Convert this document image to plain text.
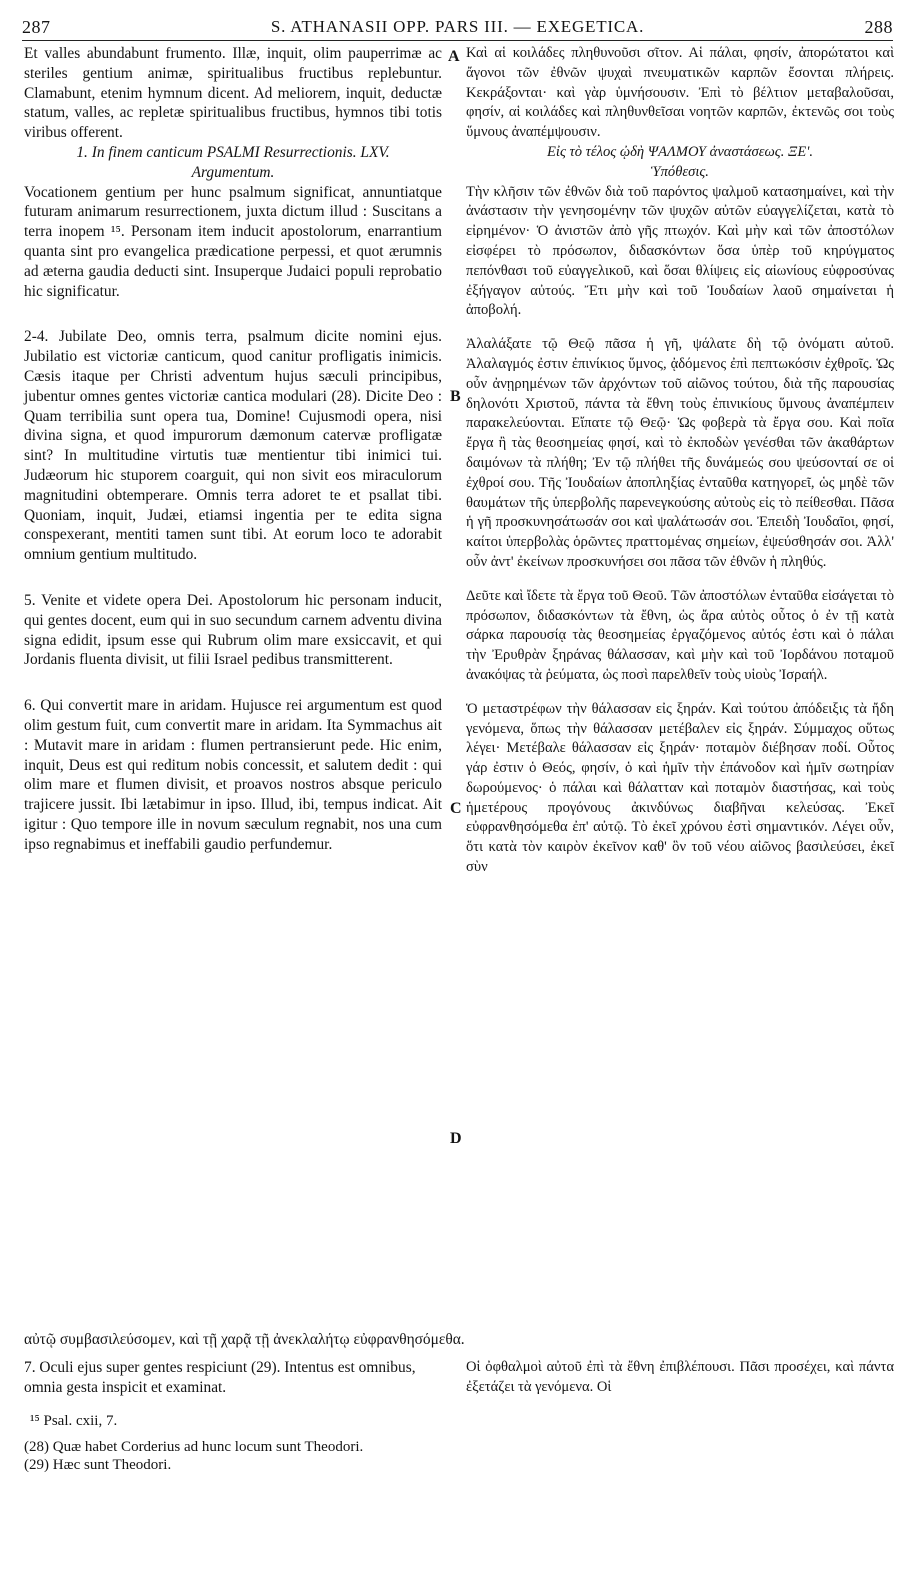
287	S. ATHANASII OPP. PARS III. — EXEGETICA.	288

Et valles abundabunt frumento. Illæ, inquit, olim pauperrimæ ac steriles gentium animæ, spiritualibus fructibus replebuntur. Clamabunt, etenim hymnum dicent. Ad meliorem, inquit, deductæ statum, valles, ac repletæ spiritualibus fructibus, hymnos tibi totis viribus offerent.

1. In finem canticum PSALMI Resurrectionis. LXV.

Argumentum.

Vocationem gentium per hunc psalmum significat, annuntiatque futuram animarum resurrectionem, juxta dictum illud : Suscitans a terra inopem ¹⁵. Personam item inducit apostolorum, enarrantium quanta sint pro evangelica prædicatione perpessi, et quot ærumnis ad æterna gaudia deducti sint. Insuperque Judaici populi reprobatio hic significatur.

2-4. Jubilate Deo, omnis terra, psalmum dicite nomini ejus. Jubilatio est victoriæ canticum, quod canitur profligatis inimicis. Cæsis itaque per Christi adventum hujus sæculi principibus, jubentur omnes gentes victoriæ cantica modulari (28). Dicite Deo : Quam terribilia sunt opera tua, Domine! Cujusmodi opera, nisi divina signa, et quod impurorum dæmonum catervæ profligatæ sint? In multitudine virtutis tuæ mentientur tibi inimici tui. Judæorum hic stuporem coarguit, qui non sivit eos miraculorum magnitudini obtemperare. Omnis terra adoret te et psallat tibi. Quoniam, inquit, Judæi, etiamsi ingentia per te edita signa conspexerant, mentiti tamen sunt tibi. At eorum loco te adorabit omnium gentium multitudo.

5. Venite et videte opera Dei. Apostolorum hic personam inducit, qui gentes docent, eum qui in suo secundum carnem adventu divina signa edidit, ipsum esse qui Rubrum olim mare exsiccavit, et qui Jordanis fluenta divisit, ut filii Israel pedibus transmitterent.

6. Qui convertit mare in aridam. Hujusce rei argumentum est quod olim gestum fuit, cum convertit mare in aridam. Ita Symmachus ait : Mutavit mare in aridam : flumen pertransierunt pede. Hic enim, inquit, Deus est qui reditum nobis concessit, et salutem dedit : qui olim mare et flumen divisit, et proavos nostros absque periculo trajicere jussit. Ibi lætabimur in ipso. Illud, ibi, tempus indicat. Ait igitur : Quo tempore ille in novum sæculum regnabit, nos una cum ipso regnabimus et ineffabili gaudio perfundemur.

Καὶ αἱ κοιλάδες πληθυνοῦσι σῖτον. Αἱ πάλαι, φησίν, ἀπορώτατοι καὶ ἄγονοι τῶν ἐθνῶν ψυχαὶ πνευματικῶν καρπῶν ἔσονται πλήρεις. Κεκράξονται· καὶ γὰρ ὑμνήσουσιν. Ἐπὶ τὸ βέλτιον μεταβαλοῦσαι, φησίν, αἱ κοιλάδες καὶ πληθυνθεῖσαι νοητῶν καρπῶν, ἐκτενῶς σοι τοὺς ὕμνους ἀναπέμψουσιν.

Εἰς τὸ τέλος ᾠδὴ ΨΑΛΜΟΥ ἀναστάσεως. ΞΕ'.

Ὑπόθεσις.

Τὴν κλῆσιν τῶν ἐθνῶν διὰ τοῦ παρόντος ψαλμοῦ κατασημαίνει, καὶ τὴν ἀνάστασιν τὴν γενησομένην τῶν ψυχῶν αὐτῶν εὐαγγελίζεται, κατὰ τὸ εἰρημένον· Ὁ ἀνιστῶν ἀπὸ γῆς πτωχόν. Καὶ μὴν καὶ τῶν ἀποστόλων εἰσφέρει τὸ πρόσωπον, διδασκόντων ὅσα ὑπὲρ τοῦ κηρύγματος πεπόνθασι τοῦ εὐαγγελικοῦ, καὶ ὅσαι θλίψεις εἰς αἰωνίους εὐφροσύνας ἐξήγαγον αὐτούς. Ἔτι μὴν καὶ τοῦ Ἰουδαίων λαοῦ σημαίνεται ἡ ἀποβολή.

Ἀλαλάξατε τῷ Θεῷ πᾶσα ἡ γῆ, ψάλατε δὴ τῷ ὀνόματι αὐτοῦ. Ἀλαλαγμός ἐστιν ἐπινίκιος ὕμνος, ᾀδόμενος ἐπὶ πεπτωκόσιν ἐχθροῖς. Ὡς οὖν ἀνῃρημένων τῶν ἀρχόντων τοῦ αἰῶνος τούτου, διὰ τῆς παρουσίας δηλονότι Χριστοῦ, πάντα τὰ ἔθνη τοὺς ἐπινικίους ὕμνους ἀναπέμπειν παρακελεύονται. Εἴπατε τῷ Θεῷ· Ὡς φοβερὰ τὰ ἔργα σου. Καὶ ποῖα ἔργα ἢ τὰς θεοσημείας φησί, καὶ τὸ ἐκποδὼν γενέσθαι τῶν ἀκαθάρτων δαιμόνων τὰ πλήθη; Ἐν τῷ πλήθει τῆς δυνάμεώς σου ψεύσονταί σε οἱ ἐχθροί σου. Τῆς Ἰουδαίων ἀποπληξίας ἐνταῦθα κατηγορεῖ, ὡς μηδὲ τῶν θαυμάτων τῆς ὑπερβολῆς παρενεγκούσης αὐτοὺς εἰς τὸ πείθεσθαι. Πᾶσα ἡ γῆ προσκυνησάτωσάν σοι καὶ ψαλάτωσάν σοι. Ἐπειδὴ Ἰουδαῖοι, φησί, καίτοι ὑπερβολὰς ὁρῶντες πραττομένας σημείων, ἐψεύσθησάν σοι. Ἀλλ' οὖν ἀντ' ἐκείνων προσκυνήσει σοι πᾶσα τῶν ἐθνῶν ἡ πληθύς.

Δεῦτε καὶ ἴδετε τὰ ἔργα τοῦ Θεοῦ. Τῶν ἀποστόλων ἐνταῦθα εἰσάγεται τὸ πρόσωπον, διδασκόντων τὰ ἔθνη, ὡς ἄρα αὐτὸς οὗτος ὁ ἐν τῇ κατὰ σάρκα παρουσίᾳ τὰς θεοσημείας ἐργαζόμενος αὐτός ἐστι καὶ ὁ πάλαι τὴν Ἐρυθρὰν ξηράνας θάλασσαν, καὶ μὴν καὶ τοῦ Ἰορδάνου ποταμοῦ ἀνακόψας τὰ ῥεύματα, ὡς ποσὶ παρελθεῖν τοὺς υἱοὺς Ἰσραήλ.

Ὁ μεταστρέφων τὴν θάλασσαν εἰς ξηράν. Καὶ τούτου ἀπόδειξις τὰ ἤδη γενόμενα, ὅπως τὴν θάλασσαν μετέβαλεν εἰς ξηράν. Σύμμαχος οὕτως λέγει· Μετέβαλε θάλασσαν εἰς ξηράν· ποταμὸν διέβησαν ποδί. Οὗτος γάρ ἐστιν ὁ Θεός, φησίν, ὁ καὶ ἡμῖν τὴν ἐπάνοδον καὶ ἡμῖν σωτηρίαν δωρούμενος· ὁ πάλαι καὶ θάλατταν καὶ ποταμὸν διαστήσας, καὶ τοὺς ἡμετέρους προγόνους ἀκινδύνως διαβῆναι κελεύσας. Ἐκεῖ εὐφρανθησόμεθα ἐπ' αὐτῷ. Τὸ ἐκεῖ χρόνου ἐστὶ σημαντικόν. Λέγει οὖν, ὅτι κατὰ τὸν καιρὸν ἐκεῖνον καθ' ὃν τοῦ νέου αἰῶνος βασιλεύσει, ἐκεῖ σὺν

A
B
C
D
αὐτῷ συμβασιλεύσομεν, καὶ τῇ χαρᾷ τῇ ἀνεκλαλήτῳ εὐφρανθησόμεθα.
7. Oculi ejus super gentes respiciunt (29). Intentus est omnibus, omnia gesta inspicit et examinat.
Οἱ ὀφθαλμοὶ αὐτοῦ ἐπὶ τὰ ἔθνη ἐπιβλέπουσι. Πᾶσι προσέχει, καὶ πάντα ἐξετάζει τὰ γενόμενα. Οἱ
¹⁵ Psal. cxii, 7.
(28) Quæ habet Corderius ad hunc locum sunt Theodori.
(29) Hæc sunt Theodori.
